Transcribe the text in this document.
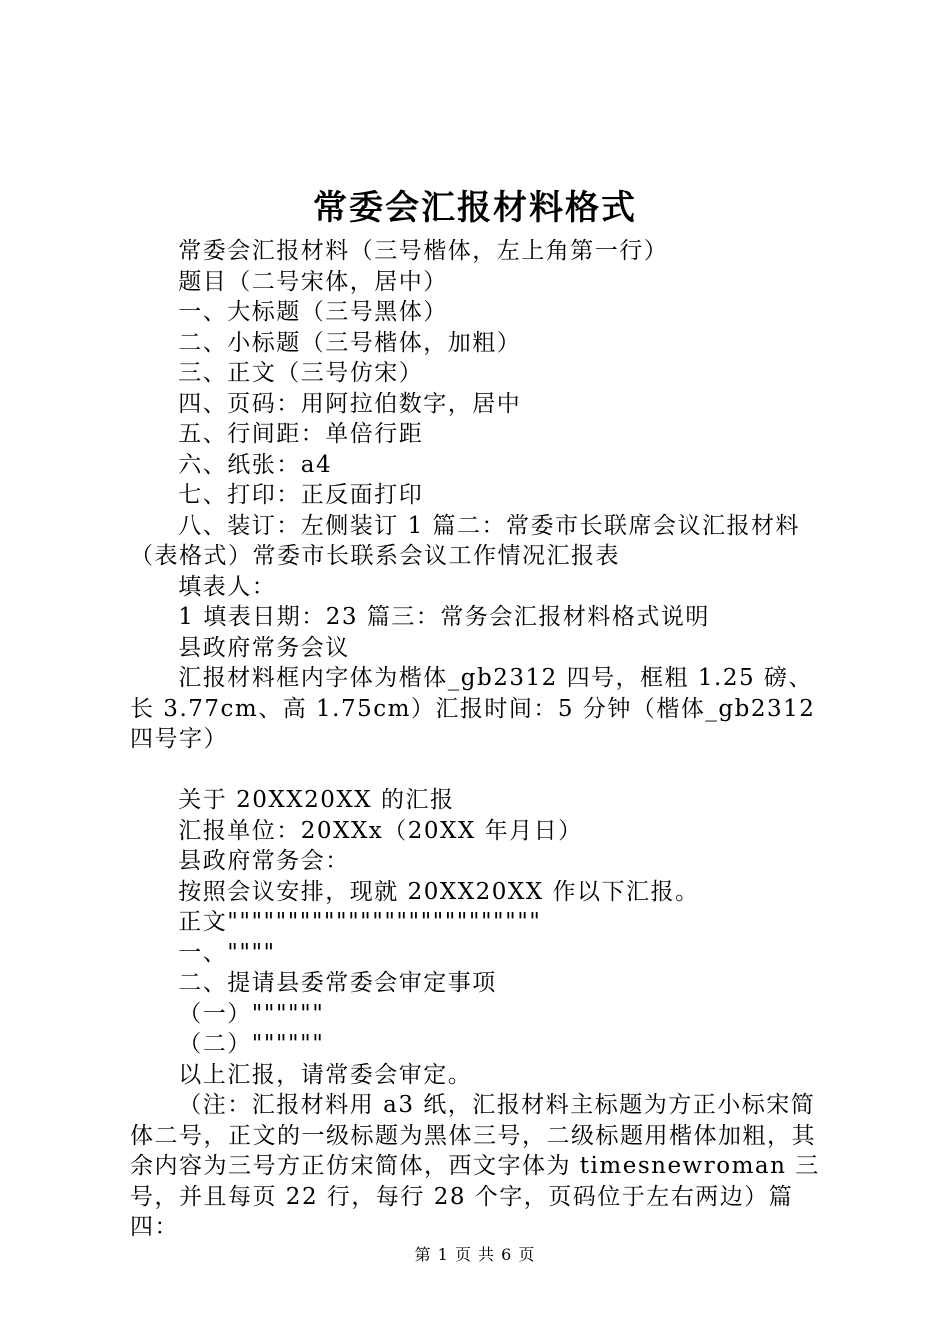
常委会汇报材料格式

常委会汇报材料（三号楷体，左上角第一行）

题目（二号宋体，居中）

一、大标题（三号黑体）

二、小标题（三号楷体，加粗）

三、正文（三号仿宋）

四、页码：用阿拉伯数字，居中

五、行间距：单倍行距

六、纸张：a4

七、打印：正反面打印

八、装订：左侧装订 1 篇二：常委市长联席会议汇报材料（表格式）常委市长联系会议工作情况汇报表

填表人：

1 填表日期：23 篇三：常务会汇报材料格式说明

县政府常务会议

汇报材料框内字体为楷体_gb2312 四号，框粗 1.25 磅、长 3.77cm、高 1.75cm）汇报时间：5 分钟（楷体_gb2312 四号字）

关于 20XX20XX 的汇报

汇报单位：20XXx（20XX 年月日）

县政府常务会：

按照会议安排，现就 20XX20XX 作以下汇报。

正文""""""""""""""""""""""""""

一、""""

二、提请县委常委会审定事项

（一）""""""

（二）""""""

以上汇报，请常委会审定。

（注：汇报材料用 a3 纸，汇报材料主标题为方正小标宋简体二号，正文的一级标题为黑体三号，二级标题用楷体加粗，其余内容为三号方正仿宋简体，西文字体为 timesnewroman 三号，并且每页 22 行，每行 28 个字，页码位于左右两边）篇四：

第 1 页 共 6 页
